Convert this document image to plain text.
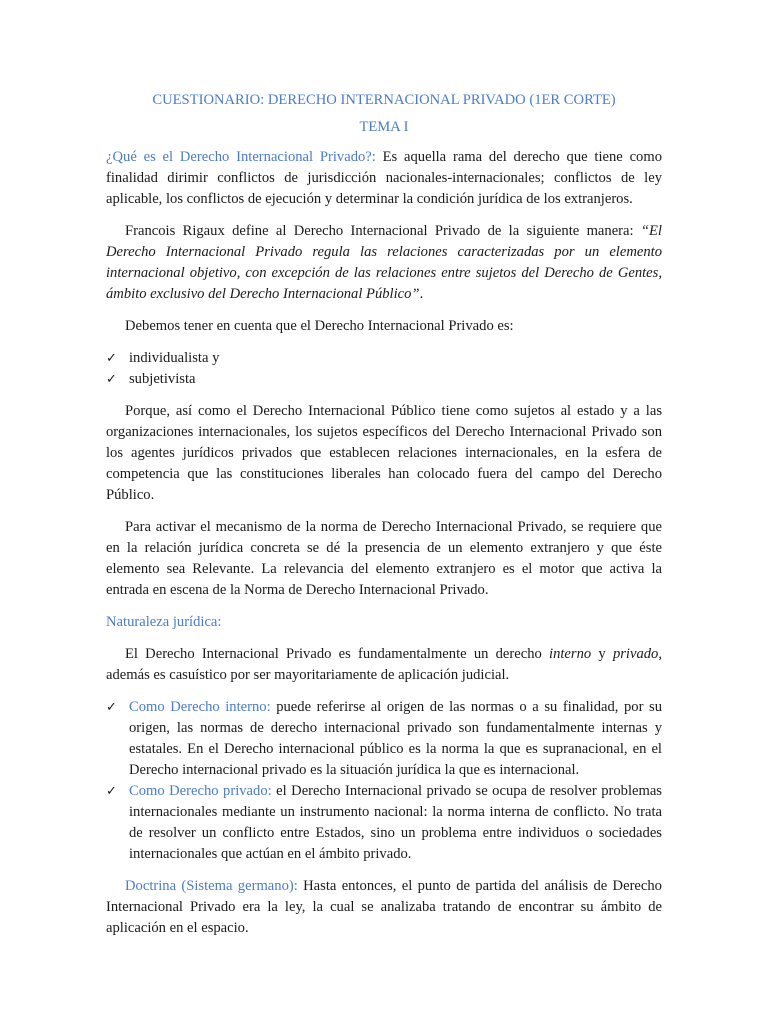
CUESTIONARIO: DERECHO INTERNACIONAL PRIVADO (1ER CORTE)
TEMA I

¿Qué es el Derecho Internacional Privado?: Es aquella rama del derecho que tiene como finalidad dirimir conflictos de jurisdicción nacionales-internacionales; conflictos de ley aplicable, los conflictos de ejecución y determinar la condición jurídica de los extranjeros.

Francois Rigaux define al Derecho Internacional Privado de la siguiente manera: “El Derecho Internacional Privado regula las relaciones caracterizadas por un elemento internacional objetivo, con excepción de las relaciones entre sujetos del Derecho de Gentes, ámbito exclusivo del Derecho Internacional Público”.

Debemos tener en cuenta que el Derecho Internacional Privado es:

✓ individualista y
✓ subjetivista

Porque, así como el Derecho Internacional Público tiene como sujetos al estado y a las organizaciones internacionales, los sujetos específicos del Derecho Internacional Privado son los agentes jurídicos privados que establecen relaciones internacionales, en la esfera de competencia que las constituciones liberales han colocado fuera del campo del Derecho Público.

Para activar el mecanismo de la norma de Derecho Internacional Privado, se requiere que en la relación jurídica concreta se dé la presencia de un elemento extranjero y que éste elemento sea Relevante. La relevancia del elemento extranjero es el motor que activa la entrada en escena de la Norma de Derecho Internacional Privado.

Naturaleza jurídica:

El Derecho Internacional Privado es fundamentalmente un derecho interno y privado, además es casuístico por ser mayoritariamente de aplicación judicial.

✓ Como Derecho interno: puede referirse al origen de las normas o a su finalidad, por su origen, las normas de derecho internacional privado son fundamentalmente internas y estatales. En el Derecho internacional público es la norma la que es supranacional, en el Derecho internacional privado es la situación jurídica la que es internacional.
✓ Como Derecho privado: el Derecho Internacional privado se ocupa de resolver problemas internacionales mediante un instrumento nacional: la norma interna de conflicto. No trata de resolver un conflicto entre Estados, sino un problema entre individuos o sociedades internacionales que actúan en el ámbito privado.

Doctrina (Sistema germano): Hasta entonces, el punto de partida del análisis de Derecho Internacional Privado era la ley, la cual se analizaba tratando de encontrar su ámbito de aplicación en el espacio.
